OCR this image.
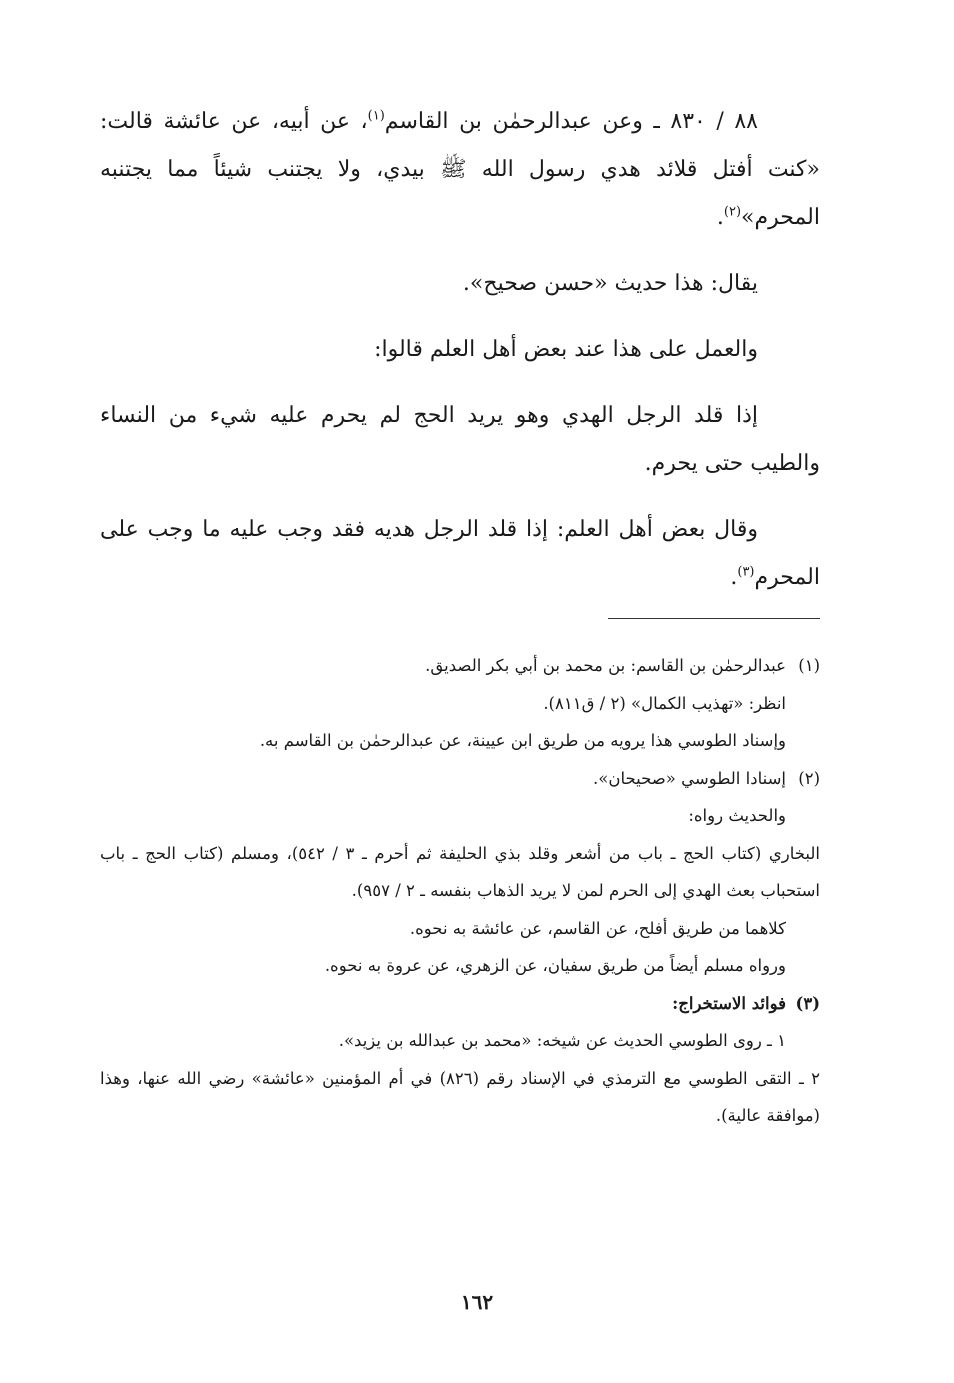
٨٨ / ٨٣٠ ـ وعن عبدالرحمٰن بن القاسم$^{(١)}$، عن أبيه، عن عائشة قالت: «كنت أفتل قلائد هدي رسول الله ﷺ بيدي، ولا يجتنب شيئاً مما يجتنبه المحرم»$^{(٢)}$.

يقال: هذا حديث «حسن صحيح».

والعمل على هذا عند بعض أهل العلم قالوا:

إذا قلد الرجل الهدي وهو يريد الحج لم يحرم عليه شيء من النساء والطيب حتى يحرم.

وقال بعض أهل العلم: إذا قلد الرجل هديه فقد وجب عليه ما وجب على المحرم$^{(٣)}$.

(١)عبدالرحمٰن بن القاسم: بن محمد بن أبي بكر الصديق.

انظر: «تهذيب الكمال» (٢ / ق٨١١).

وإسناد الطوسي هذا يرويه من طريق ابن عيينة، عن عبدالرحمٰن بن القاسم به.

(٢)إسنادا الطوسي «صحيحان».

والحديث رواه:

البخاري (كتاب الحج ـ باب من أشعر وقلد بذي الحليفة ثم أحرم ـ ٣ / ٥٤٢)، ومسلم (كتاب الحج ـ باب استحباب بعث الهدي إلى الحرم لمن لا يريد الذهاب بنفسه ـ ٢ / ٩٥٧).

كلاهما من طريق أفلح، عن القاسم، عن عائشة به نحوه.

ورواه مسلم أيضاً من طريق سفيان، عن الزهري، عن عروة به نحوه.

(٣)فوائد الاستخراج:

١ ـ روى الطوسي الحديث عن شيخه: «محمد بن عبدالله بن يزيد».

٢ ـ التقى الطوسي مع الترمذي في الإسناد رقم (٨٢٦) في أم المؤمنين «عائشة» رضي الله عنها، وهذا (موافقة عالية).

١٦٢
